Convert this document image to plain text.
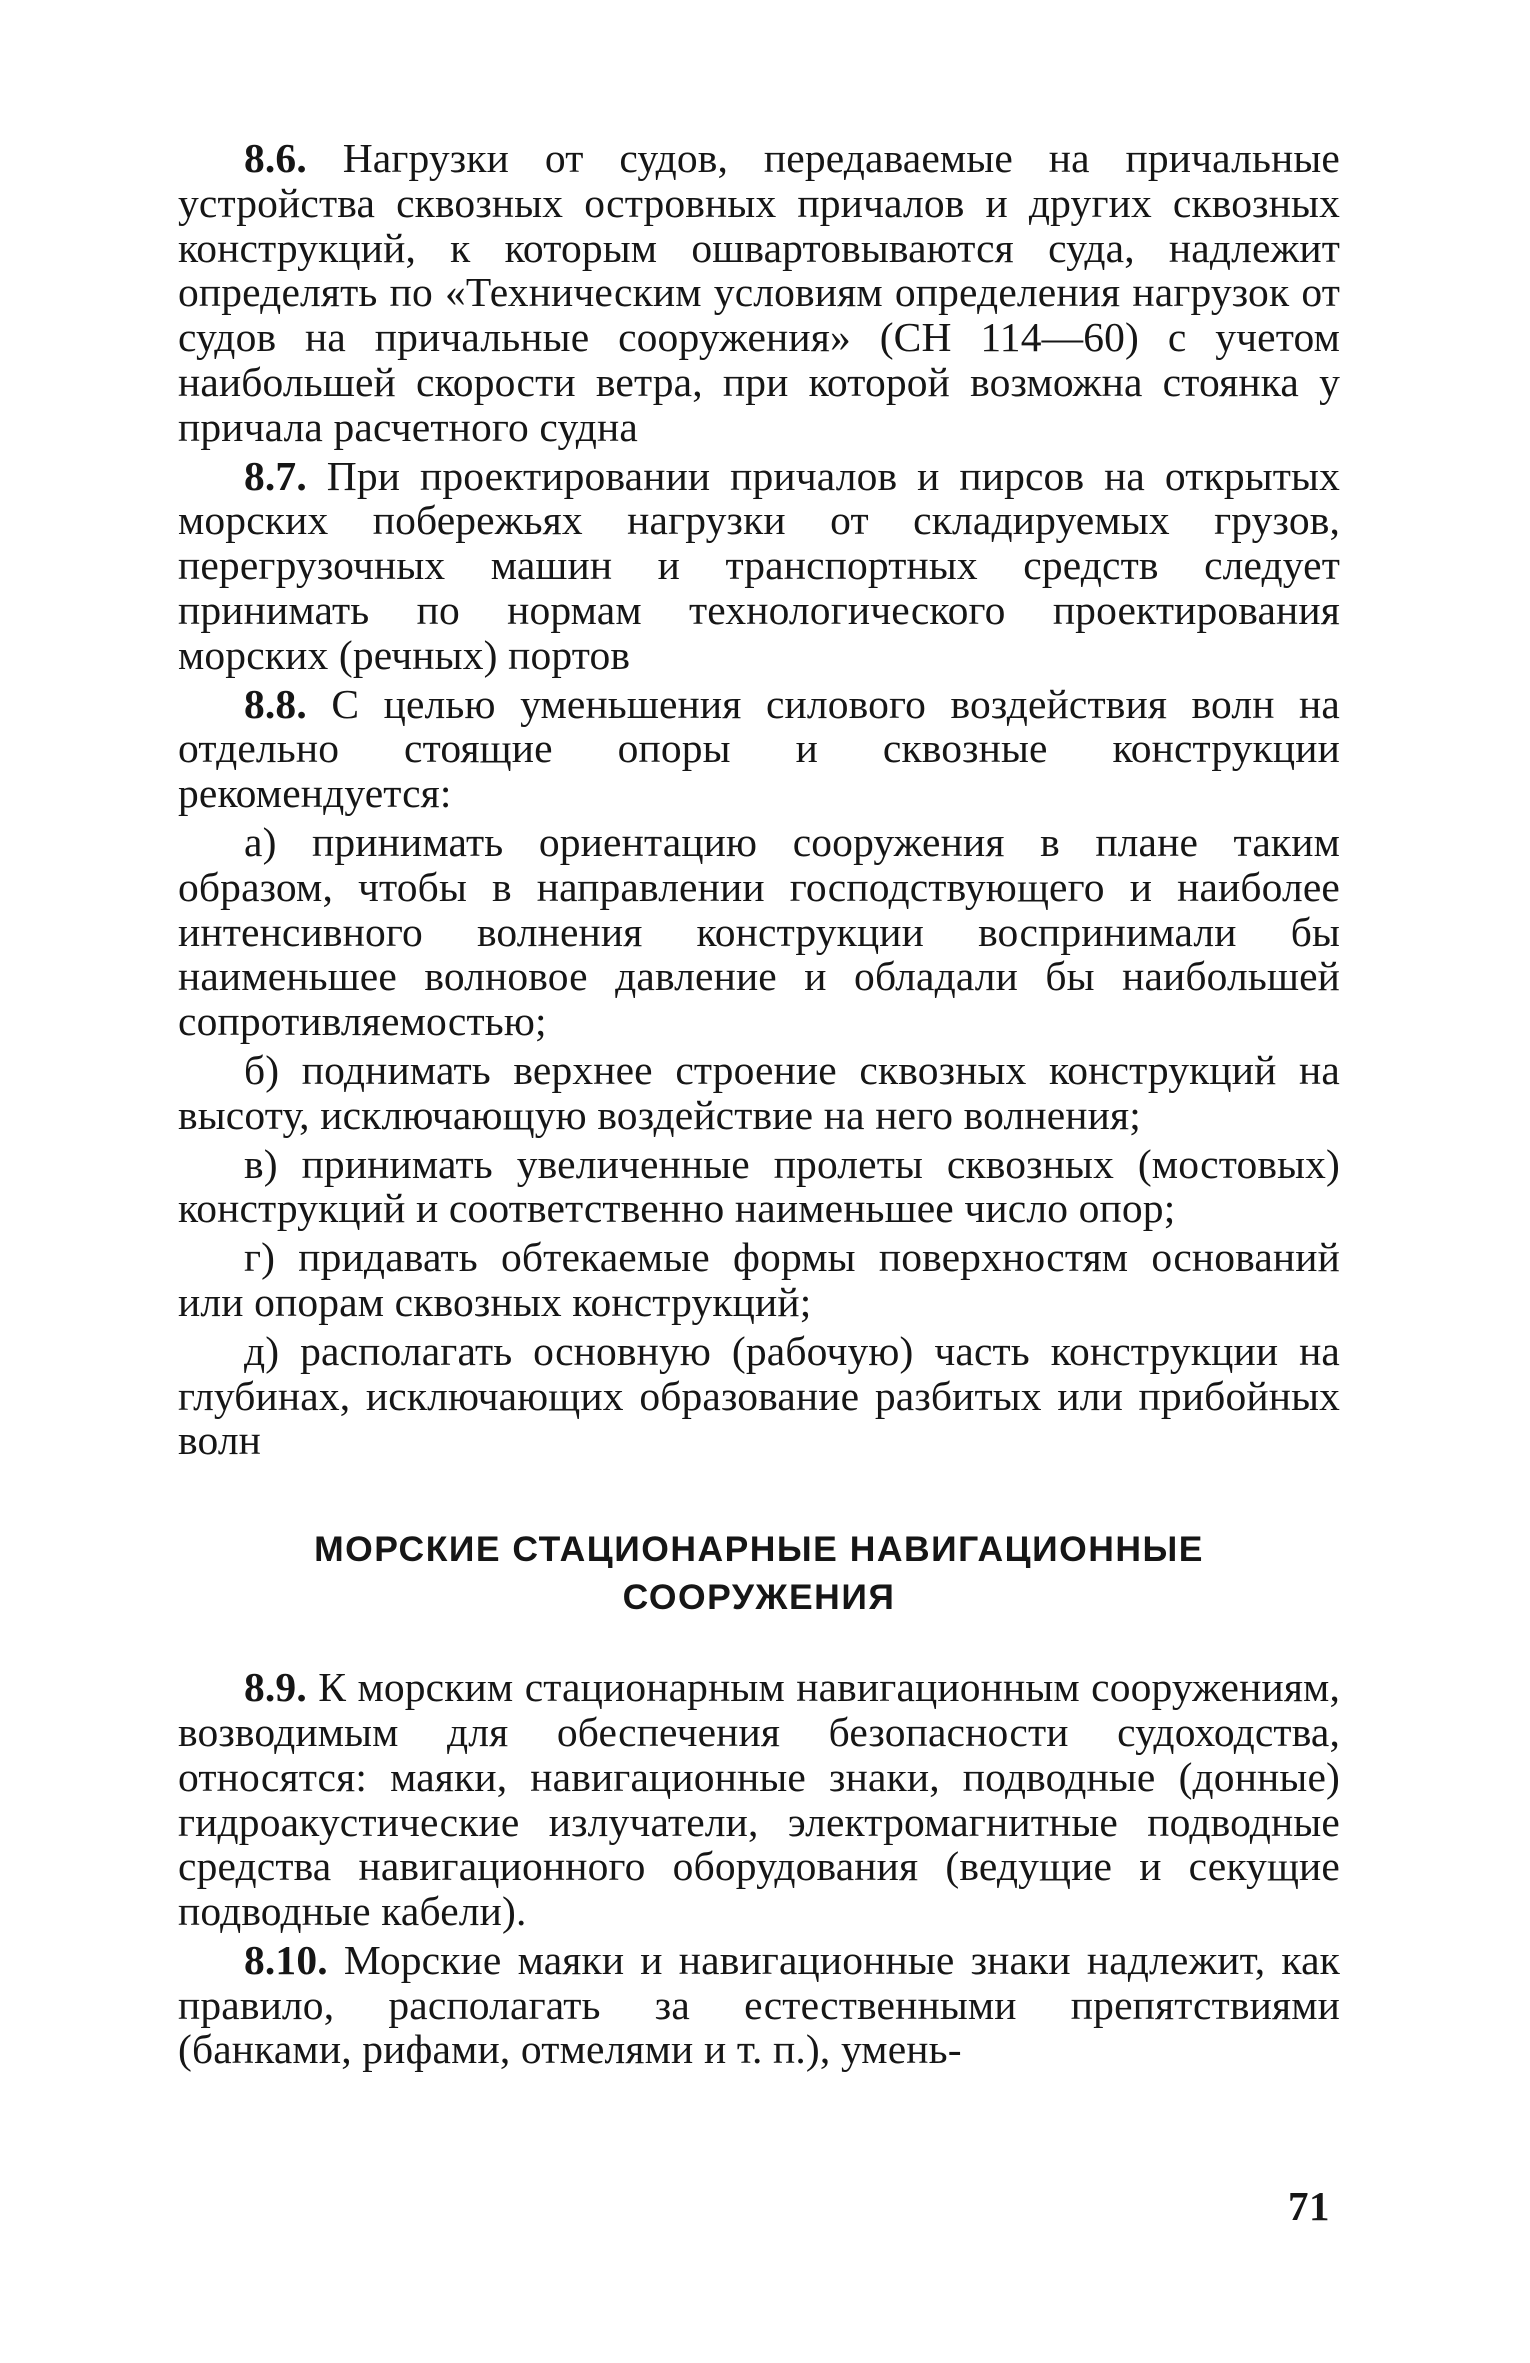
8.6. Нагрузки от судов, передаваемые на причальные устройства сквозных островных причалов и других сквозных конструкций, к которым ошвартовываются суда, надлежит определять по «Техническим условиям определения нагрузок от судов на причальные сооружения» (СН 114—60) с учетом наибольшей скорости ветра, при которой возможна стоянка у причала расчетного судна

8.7. При проектировании причалов и пирсов на открытых морских побережьях нагрузки от складируемых грузов, перегрузочных машин и транспортных средств следует принимать по нормам технологического проектирования морских (речных) портов

8.8. С целью уменьшения силового воздействия волн на отдельно стоящие опоры и сквозные конструкции рекомендуется:

а) принимать ориентацию сооружения в плане таким образом, чтобы в направлении господствующего и наиболее интенсивного волнения конструкции воспринимали бы наименьшее волновое давление и обладали бы наибольшей сопротивляемостью;

б) поднимать верхнее строение сквозных конструкций на высоту, исключающую воздействие на него волнения;

в) принимать увеличенные пролеты сквозных (мостовых) конструкций и соответственно наименьшее число опор;

г) придавать обтекаемые формы поверхностям оснований или опорам сквозных конструкций;

д) располагать основную (рабочую) часть конструкции на глубинах, исключающих образование разбитых или прибойных волн

МОРСКИЕ СТАЦИОНАРНЫЕ НАВИГАЦИОННЫЕ
СООРУЖЕНИЯ

8.9. К морским стационарным навигационным сооружениям, возводимым для обеспечения безопасности судоходства, относятся: маяки, навигационные знаки, подводные (донные) гидроакустические излучатели, электромагнитные подводные средства навигационного оборудования (ведущие и секущие подводные кабели).

8.10. Морские маяки и навигационные знаки надлежит, как правило, располагать за естественными препятствиями (банками, рифами, отмелями и т. п.), умень-

71
